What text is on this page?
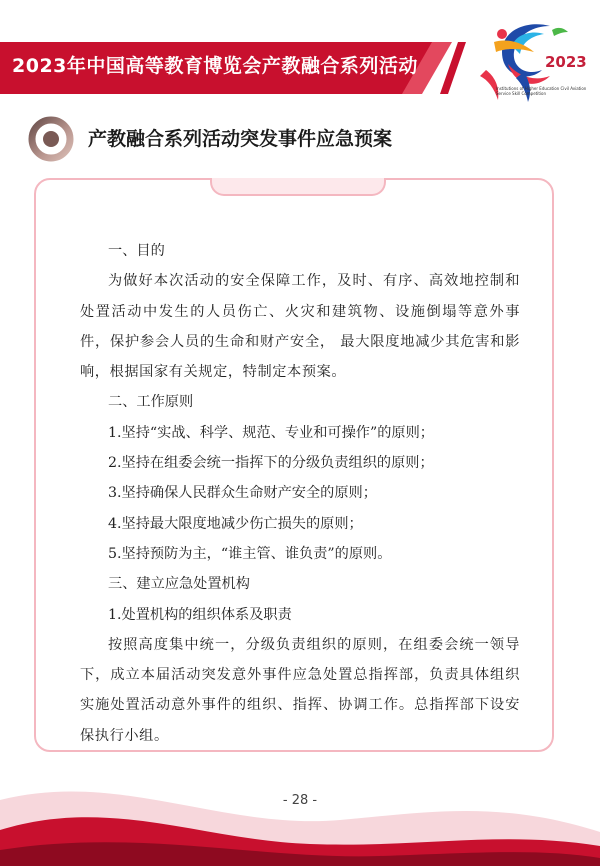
2023年中国高等教育博览会产教融合系列活动	2023
Institutions of Higher Education Civil Aviation Service Skill Competition
产教融合系列活动突发事件应急预案

一、目的

为做好本次活动的安全保障工作，及时、有序、高效地控制和处置活动中发生的人员伤亡、火灾和建筑物、设施倒塌等意外事件，保护参会人员的生命和财产安全， 最大限度地减少其危害和影响，根据国家有关规定，特制定本预案。

二、工作原则

1.坚持“实战、科学、规范、专业和可操作”的原则；

2.坚持在组委会统一指挥下的分级负责组织的原则；

3.坚持确保人民群众生命财产安全的原则；

4.坚持最大限度地减少伤亡损失的原则；

5.坚持预防为主，“谁主管、谁负责”的原则。

三、建立应急处置机构

1.处置机构的组织体系及职责

按照高度集中统一，分级负责组织的原则，在组委会统一领导下，成立本届活动突发意外事件应急处置总指挥部，负责具体组织实施处置活动意外事件的组织、指挥、协调工作。总指挥部下设安保执行小组。

- 28 -
